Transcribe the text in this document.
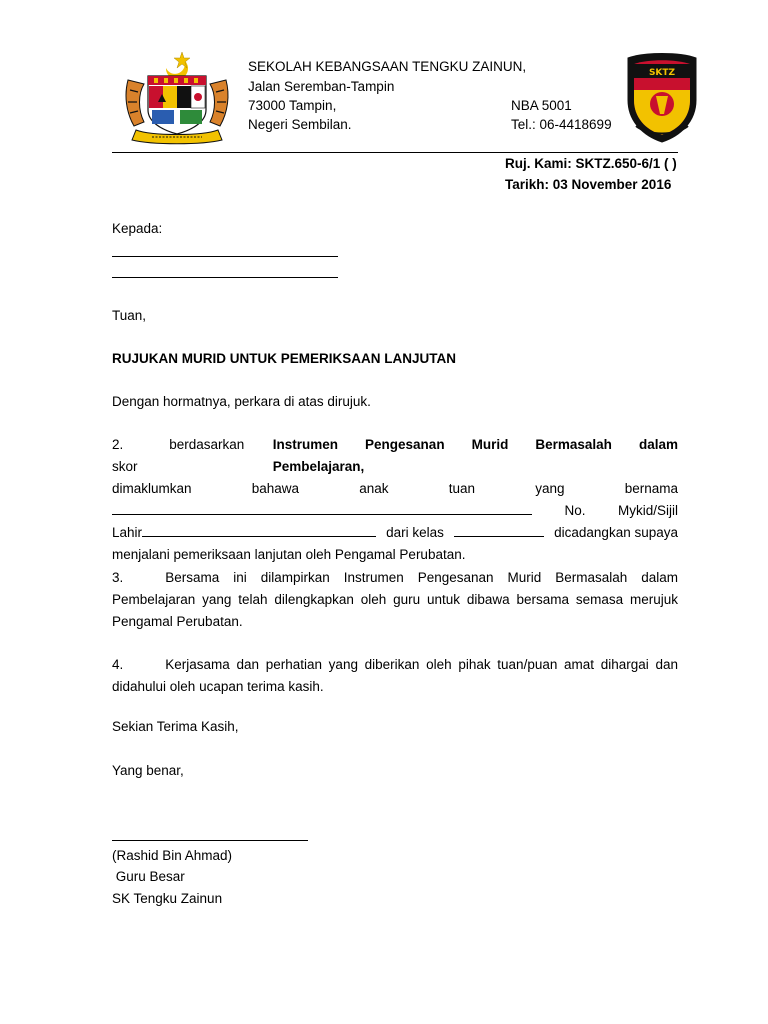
SEKOLAH KEBANGSAAN TENGKU ZAINUN,
Jalan Seremban-Tampin
73000 Tampin,
Negeri Sembilan.
NBA 5001
Tel.: 06-4418699
SKTZ
Ruj. Kami: SKTZ.650-6/1 ( )
Tarikh: 03 November 2016
Kepada:
Tuan,
RUJUKAN MURID UNTUK PEMERIKSAAN LANJUTAN
Dengan hormatnya, perkara di atas dirujuk.
2.	berdasarkan skor
Instrumen Pengesanan Murid Bermasalah dalam Pembelajaran,
dimaklumkan	bahawa	anak	tuan	yang	bernama
No. Mykid/Sijil
Lahir	dari kelas	dicadangkan supaya
menjalani pemeriksaan lanjutan oleh Pengamal Perubatan.
3.	Bersama ini dilampirkan Instrumen Pengesanan Murid Bermasalah dalam
Pembelajaran yang telah dilengkapkan oleh guru untuk dibawa bersama semasa merujuk
Pengamal Perubatan.
4.	Kerjasama dan perhatian yang diberikan oleh pihak tuan/puan amat dihargai dan
didahului oleh ucapan terima kasih.
Sekian Terima Kasih,
Yang benar,
(Rashid Bin Ahmad)
Guru Besar
SK Tengku Zainun
